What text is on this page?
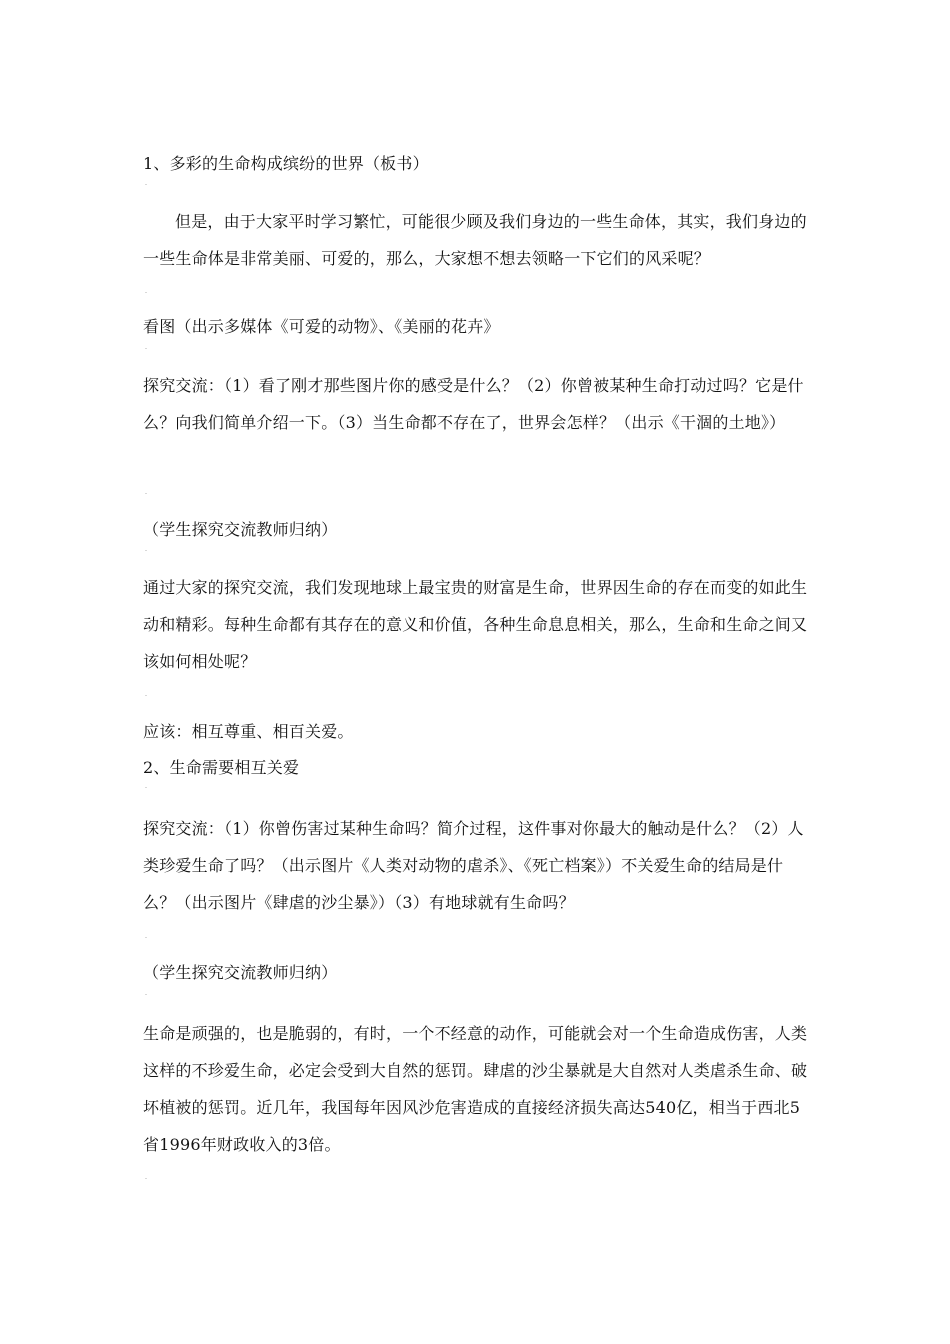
1、多彩的生命构成缤纷的世界（板书）

但是，由于大家平时学习繁忙，可能很少顾及我们身边的一些生命体，其实，我们身边的一些生命体是非常美丽、可爱的，那么，大家想不想去领略一下它们的风采呢？

看图（出示多媒体《可爱的动物》、《美丽的花卉》

探究交流：（1）看了刚才那些图片你的感受是什么？（2）你曾被某种生命打动过吗？它是什么？向我们简单介绍一下。（3）当生命都不存在了，世界会怎样？（出示《干涸的土地》）

（学生探究交流教师归纳）

通过大家的探究交流，我们发现地球上最宝贵的财富是生命，世界因生命的存在而变的如此生动和精彩。每种生命都有其存在的意义和价值，各种生命息息相关，那么，生命和生命之间又该如何相处呢？

应该：相互尊重、相百关爱。

2、生命需要相互关爱

探究交流：（1）你曾伤害过某种生命吗？简介过程，这件事对你最大的触动是什么？（2）人类珍爱生命了吗？（出示图片《人类对动物的虐杀》、《死亡档案》）不关爱生命的结局是什么？（出示图片《肆虐的沙尘暴》）（3）有地球就有生命吗？

（学生探究交流教师归纳）

生命是顽强的，也是脆弱的，有时，一个不经意的动作，可能就会对一个生命造成伤害，人类这样的不珍爱生命，必定会受到大自然的惩罚。肆虐的沙尘暴就是大自然对人类虐杀生命、破坏植被的惩罚。近几年，我国每年因风沙危害造成的直接经济损失高达540亿，相当于西北5省1996年财政收入的3倍。
